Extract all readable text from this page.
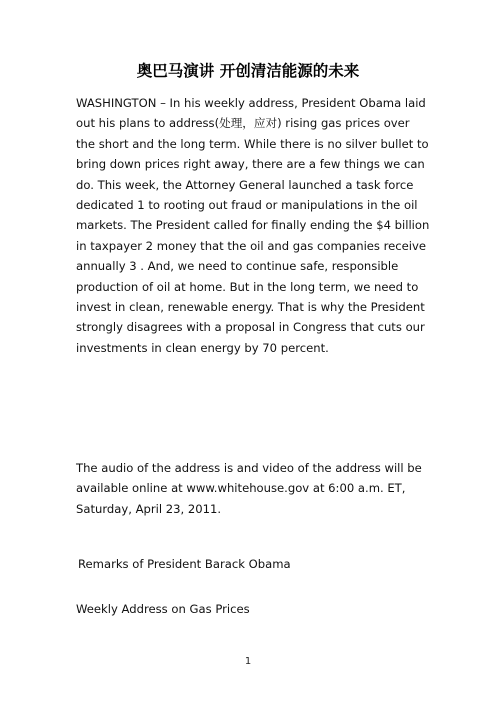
奥巴马演讲 开创清洁能源的未来
WASHINGTON – In his weekly address, President Obama laid
out his plans to address(处理，应对) rising gas prices over
the short and the long term. While there is no silver bullet to
bring down prices right away, there are a few things we can
do. This week, the Attorney General launched a task force
dedicated 1 to rooting out fraud or manipulations in the oil
markets. The President called for finally ending the $4 billion
in taxpayer 2 money that the oil and gas companies receive
annually 3 . And, we need to continue safe, responsible
production of oil at home. But in the long term, we need to
invest in clean, renewable energy. That is why the President
strongly disagrees with a proposal in Congress that cuts our
investments in clean energy by 70 percent.
The audio of the address is and video of the address will be
available online at www.whitehouse.gov at 6:00 a.m. ET,
Saturday, April 23, 2011.
Remarks of President Barack Obama
Weekly Address on Gas Prices
1
